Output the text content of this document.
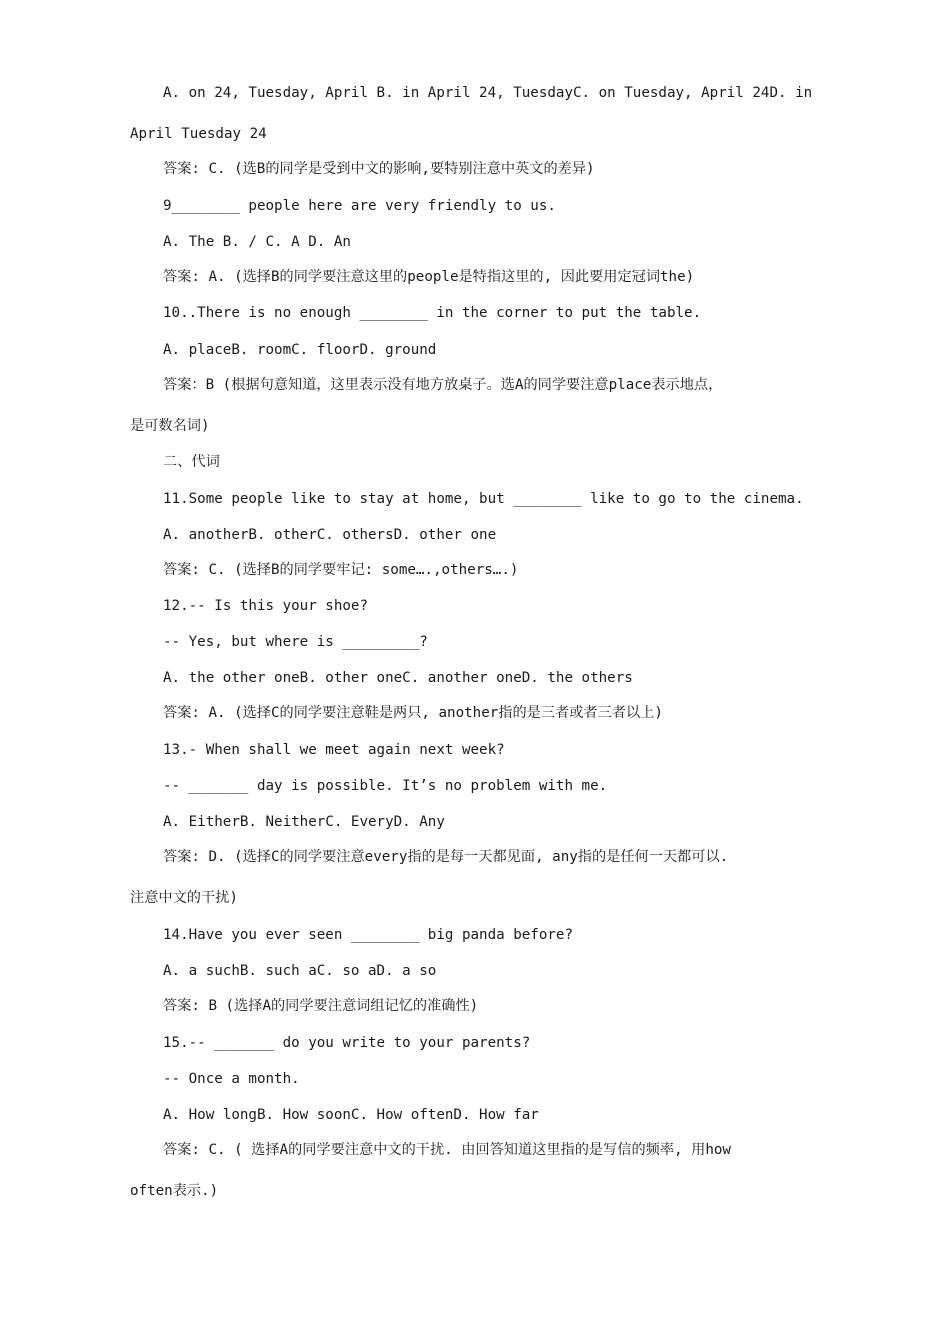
A. on 24, Tuesday, April B. in April 24, TuesdayC. on Tuesday, April 24D. in
April Tuesday 24
答案: C. (选B的同学是受到中文的影响,要特别注意中英文的差异)
9________ people here are very friendly to us.
A. The B. / C. A D. An
答案: A. (选择B的同学要注意这里的people是特指这里的, 因此要用定冠词the)
10..There is no enough ________ in the corner to put the table.
A. placeB. roomC. floorD. ground
答案：B (根据句意知道，这里表示没有地方放桌子。选A的同学要注意place表示地点，
是可数名词)
二、代词
11.Some people like to stay at home, but ________ like to go to the cinema.
A. anotherB. otherC. othersD. other one
答案: C. (选择B的同学要牢记: some….,others….)
12.-- Is this your shoe?
-- Yes, but where is _________?
A. the other oneB. other oneC. another oneD. the others
答案: A. (选择C的同学要注意鞋是两只, another指的是三者或者三者以上)
13.- When shall we meet again next week?
-- _______ day is possible. It’s no problem with me.
A. EitherB. NeitherC. EveryD. Any
答案: D. (选择C的同学要注意every指的是每一天都见面, any指的是任何一天都可以.
注意中文的干扰)
14.Have you ever seen ________ big panda before?
A. a suchB. such aC. so aD. a so
答案: B (选择A的同学要注意词组记忆的准确性)
15.-- _______ do you write to your parents?
-- Once a month.
A. How longB. How soonC. How oftenD. How far
答案: C. ( 选择A的同学要注意中文的干扰. 由回答知道这里指的是写信的频率, 用how
often表示.)
